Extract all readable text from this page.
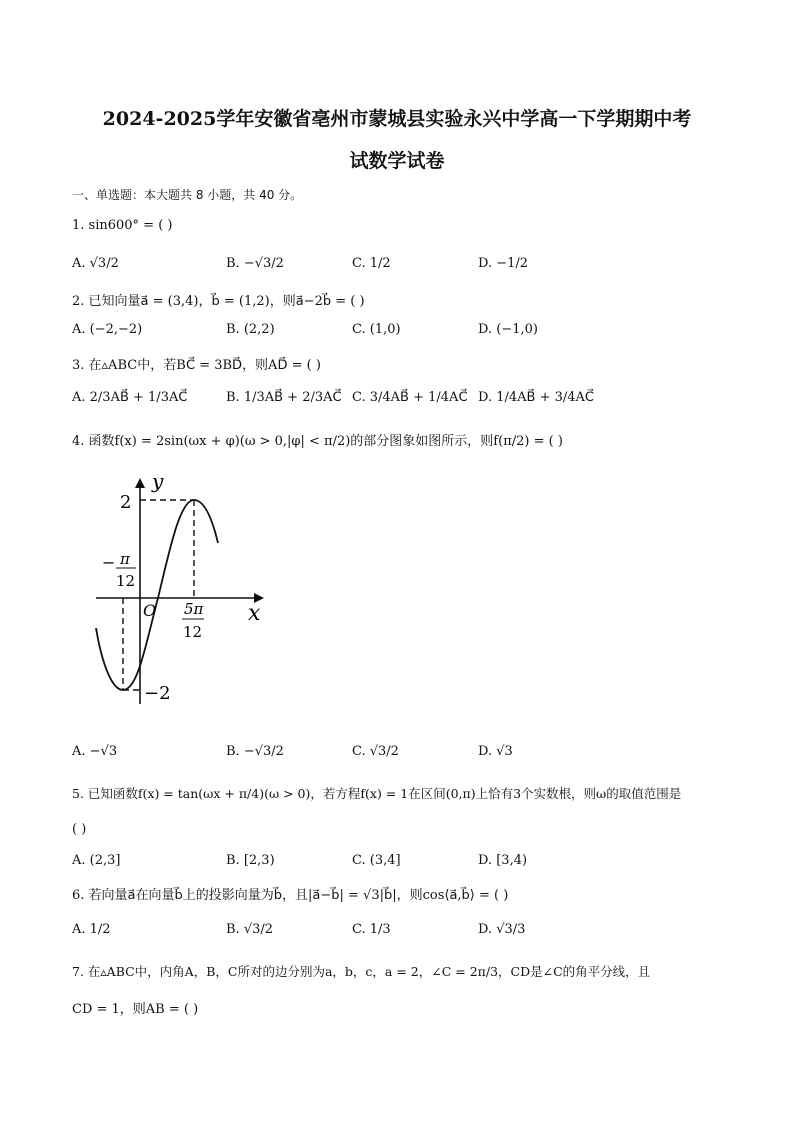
2024-2025学年安徽省亳州市蒙城县实验永兴中学高一下学期期中考
试数学试卷
一、单选题：本大题共 8 小题，共 40 分。
1. sin600° = ( )
A. √3/2	B. −√3/2	C. 1/2	D. −1/2
2. 已知向量a⃗ = (3,4)，b⃗ = (1,2)，则a⃗−2b⃗ = ( )
A. (−2,−2)	B. (2,2)	C. (1,0)	D. (−1,0)
3. 在▵ABC中，若BC⃗ = 3BD⃗，则AD⃗ = ( )
A. 2/3AB⃗ + 1/3AC⃗	B. 1/3AB⃗ + 2/3AC⃗ C. 3/4AB⃗ + 1/4AC⃗ D. 1/4AB⃗ + 3/4AC⃗
4. 函数f(x) = 2sin(ωx + φ)(ω > 0,|φ| < π/2)的部分图象如图所示，则f(π/2) = ( )
y
x
O
2
−2
− π
12
5π
12
A. −√3	B. −√3/2	C. √3/2	D. √3
5. 已知函数f(x) = tan(ωx + π/4)(ω > 0)，若方程f(x) = 1在区间(0,π)上恰有3个实数根，则ω的取值范围是
( )
A. (2,3]	B. [2,3)	C. (3,4]	D. [3,4)
6. 若向量a⃗在向量b⃗上的投影向量为b⃗，且|a⃗−b⃗| = √3|b⃗|，则cos⟨a⃗,b⃗⟩ = ( )
A. 1/2	B. √3/2	C. 1/3	D. √3/3
7. 在▵ABC中，内角A，B，C所对的边分别为a，b，c，a = 2，∠C = 2π/3，CD是∠C的角平分线，且
CD = 1，则AB = ( )
